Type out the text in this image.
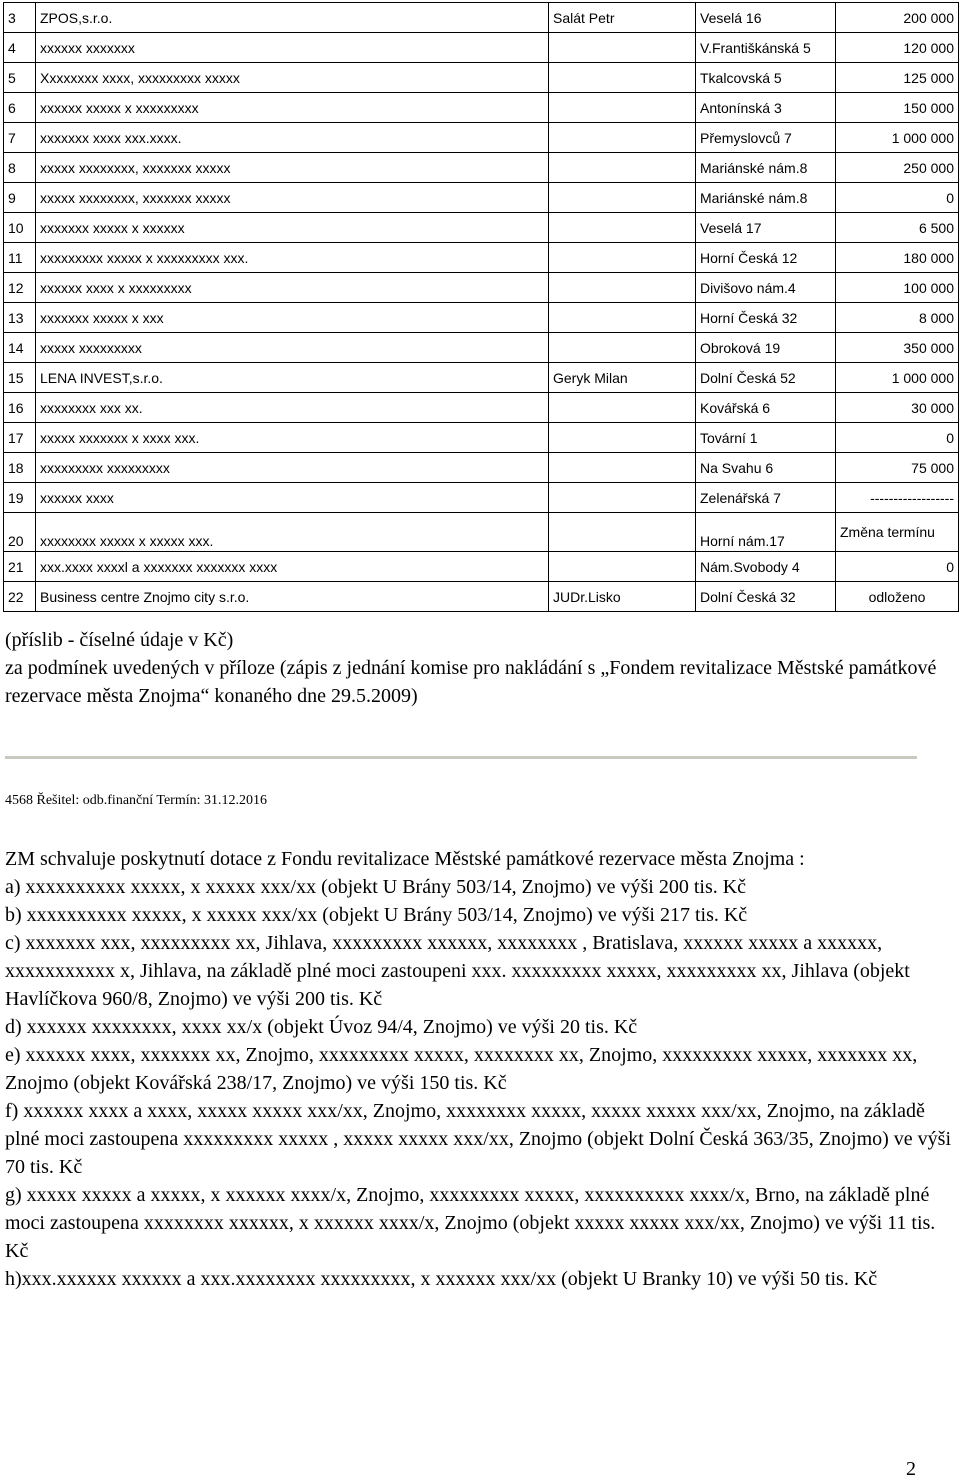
3	ZPOS,s.r.o.	Salát Petr	Veselá 16	200 000
4	xxxxxx xxxxxxx		V.Františkánská 5	120 000
5	Xxxxxxxx xxxx, xxxxxxxxx xxxxx		Tkalcovská 5	125 000
6	xxxxxx xxxxx x xxxxxxxxx		Antonínská 3	150 000
7	xxxxxxx xxxx xxx.xxxx.		Přemyslovců 7	1 000 000
8	xxxxx xxxxxxxx, xxxxxxx xxxxx		Mariánské nám.8	250 000
9	xxxxx xxxxxxxx, xxxxxxx xxxxx		Mariánské nám.8	0
10	xxxxxxx xxxxx x xxxxxx		Veselá 17	6 500
11	xxxxxxxxx xxxxx x xxxxxxxxx xxx.		Horní Česká 12	180 000
12	xxxxxx xxxx x xxxxxxxxx		Divišovo nám.4	100 000
13	xxxxxxx xxxxx x xxx		Horní Česká 32	8 000
14	xxxxx xxxxxxxxx		Obroková 19	350 000
15	LENA INVEST,s.r.o.	Geryk Milan	Dolní Česká 52	1 000 000
16	xxxxxxxx xxx xx.		Kovářská 6	30 000
17	xxxxx xxxxxxx x xxxx xxx.		Tovární 1	0
18	xxxxxxxxx xxxxxxxxx		Na Svahu 6	75 000
19	xxxxxx xxxx		Zelenářská 7	------------------
20	xxxxxxxx xxxxx x xxxxx xxx.		Horní nám.17	Změna termínu
21	xxx.xxxx xxxxl a xxxxxxx xxxxxxx xxxx		Nám.Svobody 4	0
22	Business centre Znojmo city s.r.o.	JUDr.Lisko	Dolní Česká 32	odloženo
(příslib - číselné údaje v Kč)
za podmínek uvedených v příloze (zápis z jednání komise pro nakládání s „Fondem revitalizace Městské památkové rezervace města Znojma“ konaného dne 29.5.2009)
4568 Řešitel: odb.finanční Termín: 31.12.2016

ZM schvaluje poskytnutí dotace z Fondu revitalizace Městské památkové rezervace města Znojma :

a) xxxxxxxxxx xxxxx, x xxxxx xxx/xx (objekt U Brány 503/14, Znojmo) ve výši 200 tis. Kč

b) xxxxxxxxxx xxxxx, x xxxxx xxx/xx (objekt U Brány 503/14, Znojmo) ve výši 217 tis. Kč

c) xxxxxxx xxx, xxxxxxxxx xx, Jihlava, xxxxxxxxx xxxxxx, xxxxxxxx , Bratislava, xxxxxx xxxxx a xxxxxx, xxxxxxxxxxx x, Jihlava, na základě plné moci zastoupeni xxx. xxxxxxxxx xxxxx, xxxxxxxxx xx, Jihlava (objekt Havlíčkova 960/8, Znojmo) ve výši 200 tis. Kč

d) xxxxxx xxxxxxxx, xxxx xx/x (objekt Úvoz 94/4, Znojmo) ve výši 20 tis. Kč

e) xxxxxx xxxx, xxxxxxx xx, Znojmo, xxxxxxxxx xxxxx, xxxxxxxx xx, Znojmo, xxxxxxxxx xxxxx, xxxxxxx xx, Znojmo (objekt Kovářská 238/17, Znojmo) ve výši 150 tis. Kč

f) xxxxxx xxxx a xxxx, xxxxx xxxxx xxx/xx, Znojmo, xxxxxxxx xxxxx, xxxxx xxxxx xxx/xx, Znojmo, na základě plné moci zastoupena xxxxxxxxx xxxxx , xxxxx xxxxx xxx/xx, Znojmo (objekt Dolní Česká 363/35, Znojmo) ve výši 70 tis. Kč

g) xxxxx xxxxx a xxxxx, x xxxxxx xxxx/x, Znojmo, xxxxxxxxx xxxxx, xxxxxxxxxx xxxx/x, Brno, na základě plné moci zastoupena xxxxxxxx xxxxxx, x xxxxxx xxxx/x, Znojmo (objekt xxxxx xxxxx xxx/xx, Znojmo) ve výši 11 tis. Kč

h)xxx.xxxxxx xxxxxx a xxx.xxxxxxxx xxxxxxxxx, x xxxxxx xxx/xx (objekt U Branky 10) ve výši 50 tis. Kč

2
